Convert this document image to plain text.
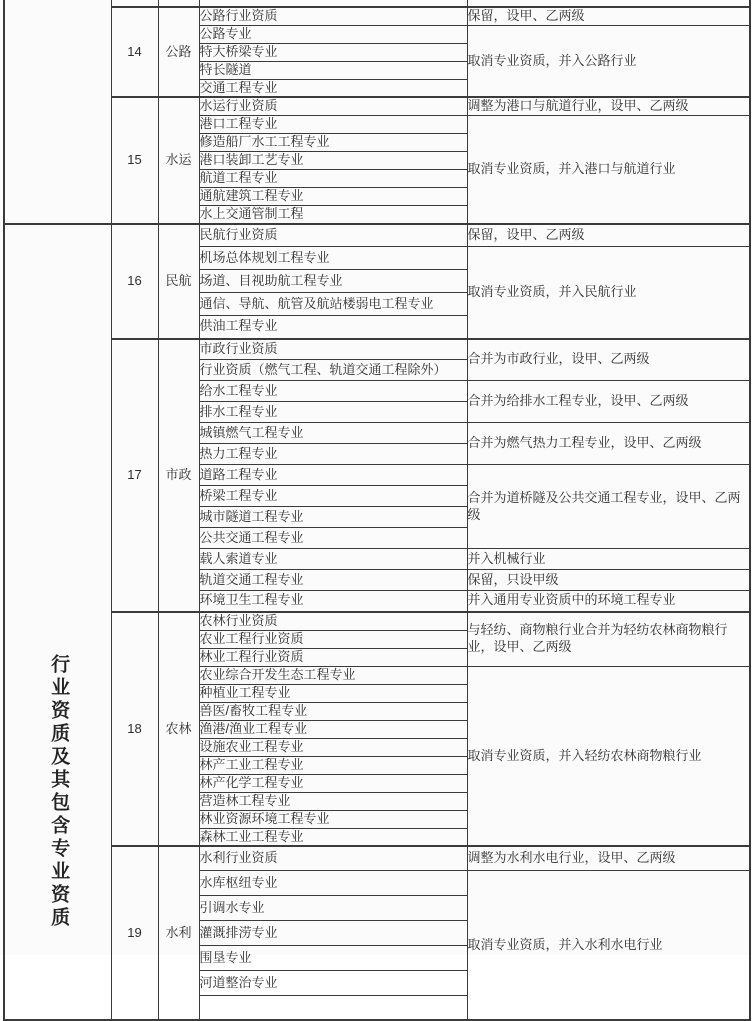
	14	公路	公路行业资质	保留，设甲、乙两级
			公路专业	取消专业资质，并入公路行业
			特大桥梁专业	
			特长隧道	
			交通工程专业	
	15	水运	水运行业资质	调整为港口与航道行业，设甲、乙两级
			港口工程专业	取消专业资质，并入港口与航道行业
			修造船厂水工工程专业	
			港口装卸工艺专业	
			航道工程专业	
			通航建筑工程专业	
			水上交通管制工程	
行业资质及其包含专业资质	16	民航	民航行业资质	保留，设甲、乙两级
			机场总体规划工程专业	取消专业资质，并入民航行业
			场道、目视助航工程专业	
			通信、导航、航管及航站楼弱电工程专业	
			供油工程专业	
	17	市政	市政行业资质	合并为市政行业，设甲、乙两级
			行业资质（燃气工程、轨道交通工程除外）	
			给水工程专业	合并为给排水工程专业，设甲、乙两级
			排水工程专业	
			城镇燃气工程专业	合并为燃气热力工程专业，设甲、乙两级
			热力工程专业	
			道路工程专业	合并为道桥隧及公共交通工程专业，设甲、乙两级
			桥梁工程专业	
			城市隧道工程专业	
			公共交通工程专业	
			载人索道专业	并入机械行业
			轨道交通工程专业	保留，只设甲级
			环境卫生工程专业	并入通用专业资质中的环境工程专业
	18	农林	农林行业资质	与轻纺、商物粮行业合并为轻纺农林商物粮行业，设甲、乙两级
			农业工程行业资质	
			林业工程行业资质	
			农业综合开发生态工程专业	取消专业资质，并入轻纺农林商物粮行业
			种植业工程专业	
			兽医/畜牧工程专业	
			渔港/渔业工程专业	
			设施农业工程专业	
			林产工业工程专业	
			林产化学工程专业	
			营造林工程专业	
			林业资源环境工程专业	
			森林工业工程专业	
	19	水利	水利行业资质	调整为水利水电行业，设甲、乙两级
			水库枢纽专业	取消专业资质，并入水利水电行业
			引调水专业	
			灌溉排涝专业	
			围垦专业	
			河道整治专业	
